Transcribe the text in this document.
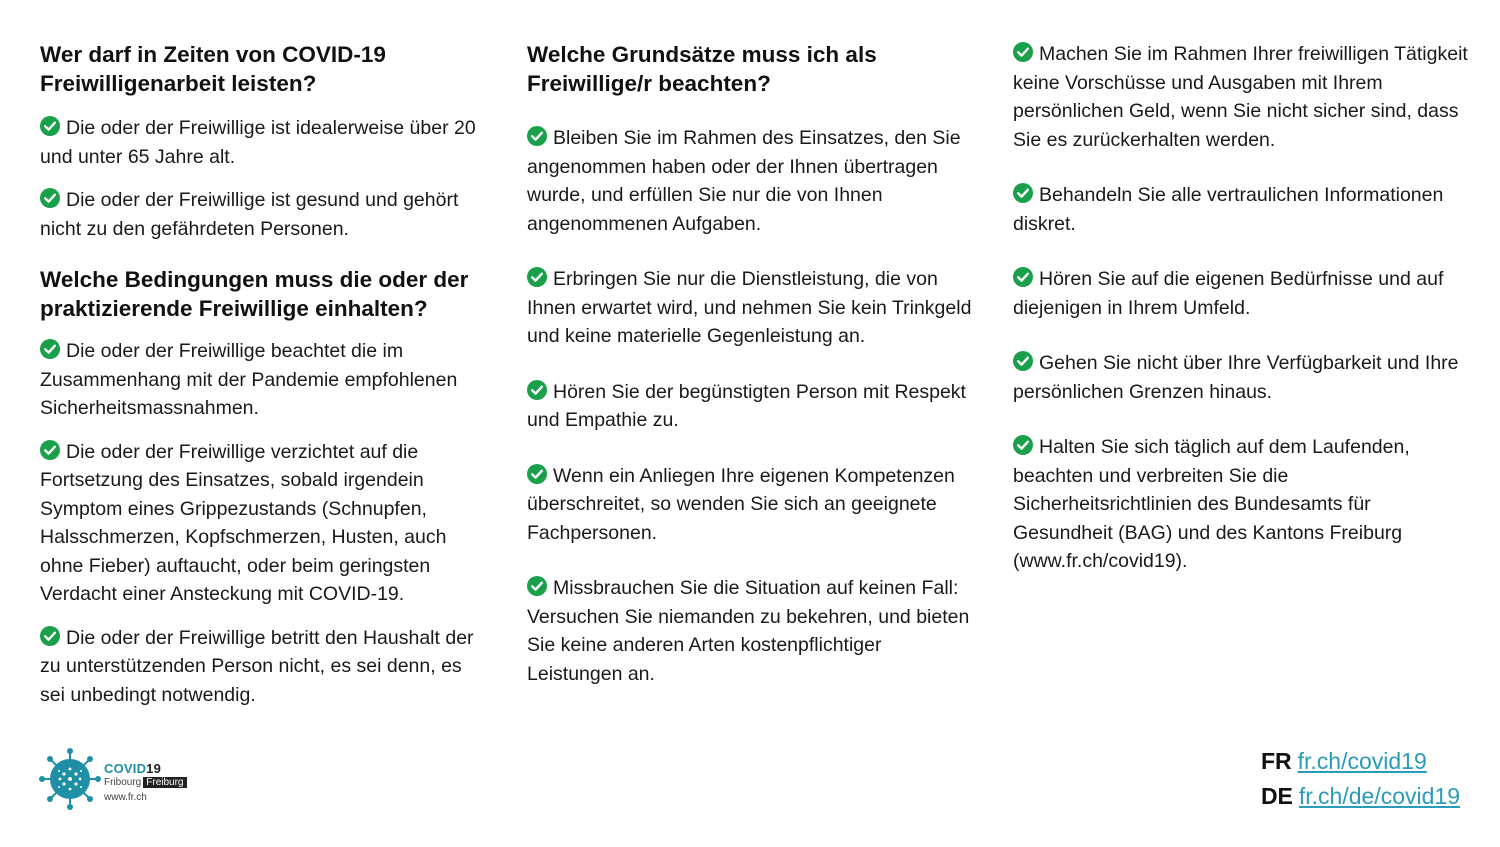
Wer darf in Zeiten von COVID-19 Freiwilligenarbeit leisten?

Die oder der Freiwillige ist idealerweise über 20 und unter 65 Jahre alt.

Die oder der Freiwillige ist gesund und gehört nicht zu den gefährdeten Personen.

Welche Bedingungen muss die oder der praktizierende Freiwillige einhalten?

Die oder der Freiwillige beachtet die im Zusammenhang mit der Pandemie empfohlenen Sicherheitsmassnahmen.

Die oder der Freiwillige verzichtet auf die Fortsetzung des Einsatzes, sobald irgendein Symptom eines Grippezustands (Schnupfen, Halsschmerzen, Kopfschmerzen, Husten, auch ohne Fieber) auftaucht, oder beim geringsten Verdacht einer Ansteckung mit COVID-19.

Die oder der Freiwillige betritt den Haushalt der zu unterstützenden Person nicht, es sei denn, es sei unbedingt notwendig.

Welche Grundsätze muss ich als Freiwillige/r beachten?

Bleiben Sie im Rahmen des Einsatzes, den Sie angenommen haben oder der Ihnen übertragen wurde, und erfüllen Sie nur die von Ihnen angenommenen Aufgaben.

Erbringen Sie nur die Dienstleistung, die von Ihnen erwartet wird, und nehmen Sie kein Trinkgeld und keine materielle Gegenleistung an.

Hören Sie der begünstigten Person mit Respekt und Empathie zu.

Wenn ein Anliegen Ihre eigenen Kompetenzen überschreitet, so wenden Sie sich an geeignete Fachpersonen.

Missbrauchen Sie die Situation auf keinen Fall: Versuchen Sie niemanden zu bekehren, und bieten Sie keine anderen Arten kostenpflichtiger Leistungen an.

Machen Sie im Rahmen Ihrer freiwilligen Tätigkeit keine Vorschüsse und Ausgaben mit Ihrem persönlichen Geld, wenn Sie nicht sicher sind, dass Sie es zurückerhalten werden.

Behandeln Sie alle vertraulichen Informationen diskret.

Hören Sie auf die eigenen Bedürfnisse und auf diejenigen in Ihrem Umfeld.

Gehen Sie nicht über Ihre Verfügbarkeit und Ihre persönlichen Grenzen hinaus.

Halten Sie sich täglich auf dem Laufenden, beachten und verbreiten Sie die Sicherheitsrichtlinien des Bundesamts für Gesundheit (BAG) und des Kantons Freiburg (www.fr.ch/covid19).

COVID19
Fribourg Freiburg
www.fr.ch
FR fr.ch/covid19
DE fr.ch/de/covid19
